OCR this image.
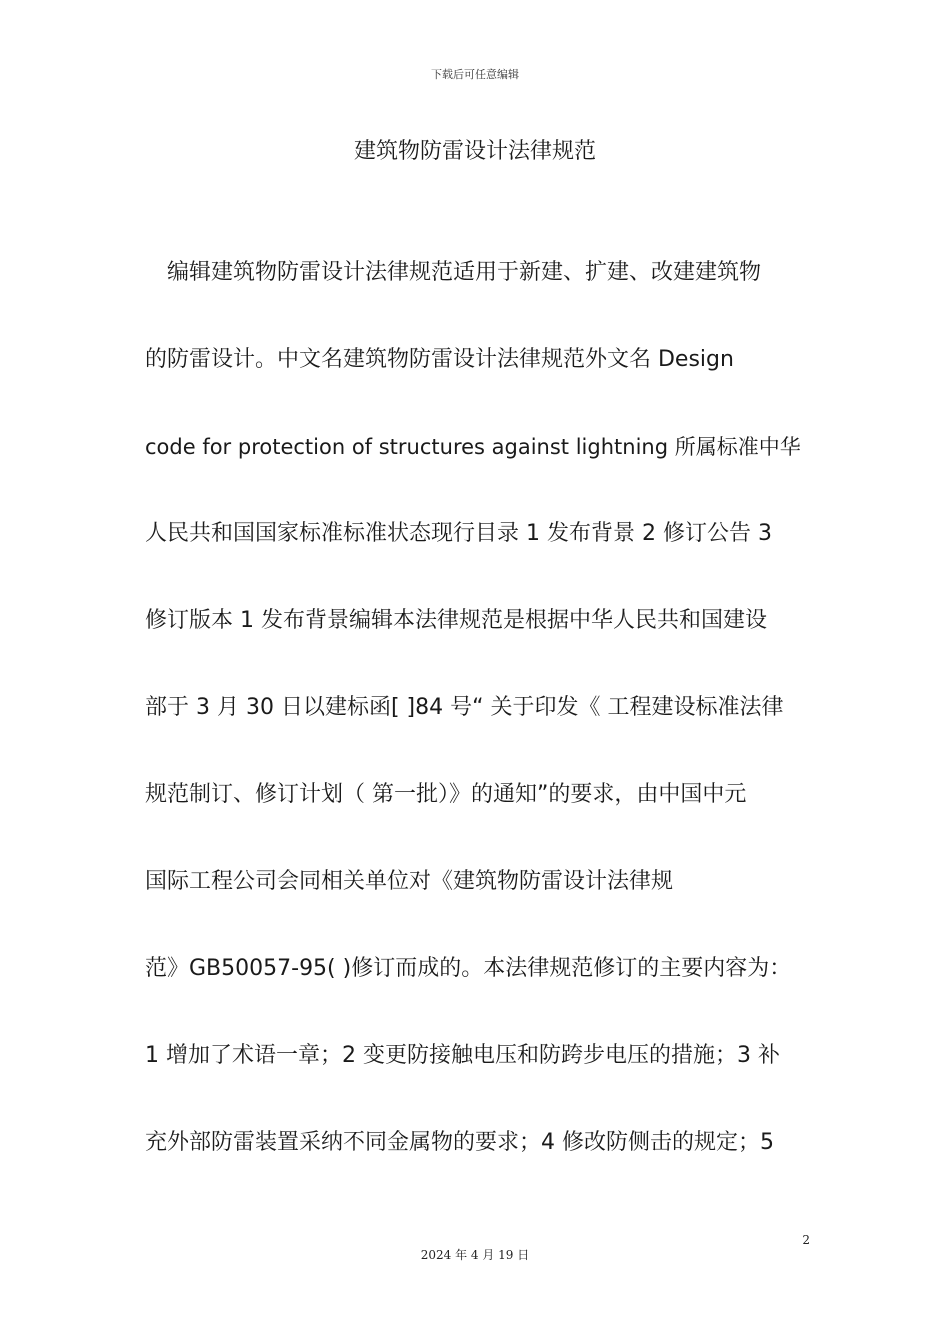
下载后可任意编辑
建筑物防雷设计法律规范
　编辑建筑物防雷设计法律规范适用于新建、扩建、改建建筑物
的防雷设计。中文名建筑物防雷设计法律规范外文名 Design
code for protection of structures against lightning 所属标准中华
人民共和国国家标准标准状态现行目录 1 发布背景 2 修订公告 3
修订版本 1 发布背景编辑本法律规范是根据中华人民共和国建设
部于 3 月 30 日以建标函[ ]84 号“ 关于印发《 工程建设标准法律
规范制订、修订计划（ 第一批）》的通知”的要求，由中国中元
国际工程公司会同相关单位对《建筑物防雷设计法律规
范》GB50057-95( )修订而成的。本法律规范修订的主要内容为：
1 增加了术语一章；2 变更防接触电压和防跨步电压的措施；3 补
充外部防雷装置采纳不同金属物的要求；4 修改防侧击的规定；5
2
2024 年 4 月 19 日
